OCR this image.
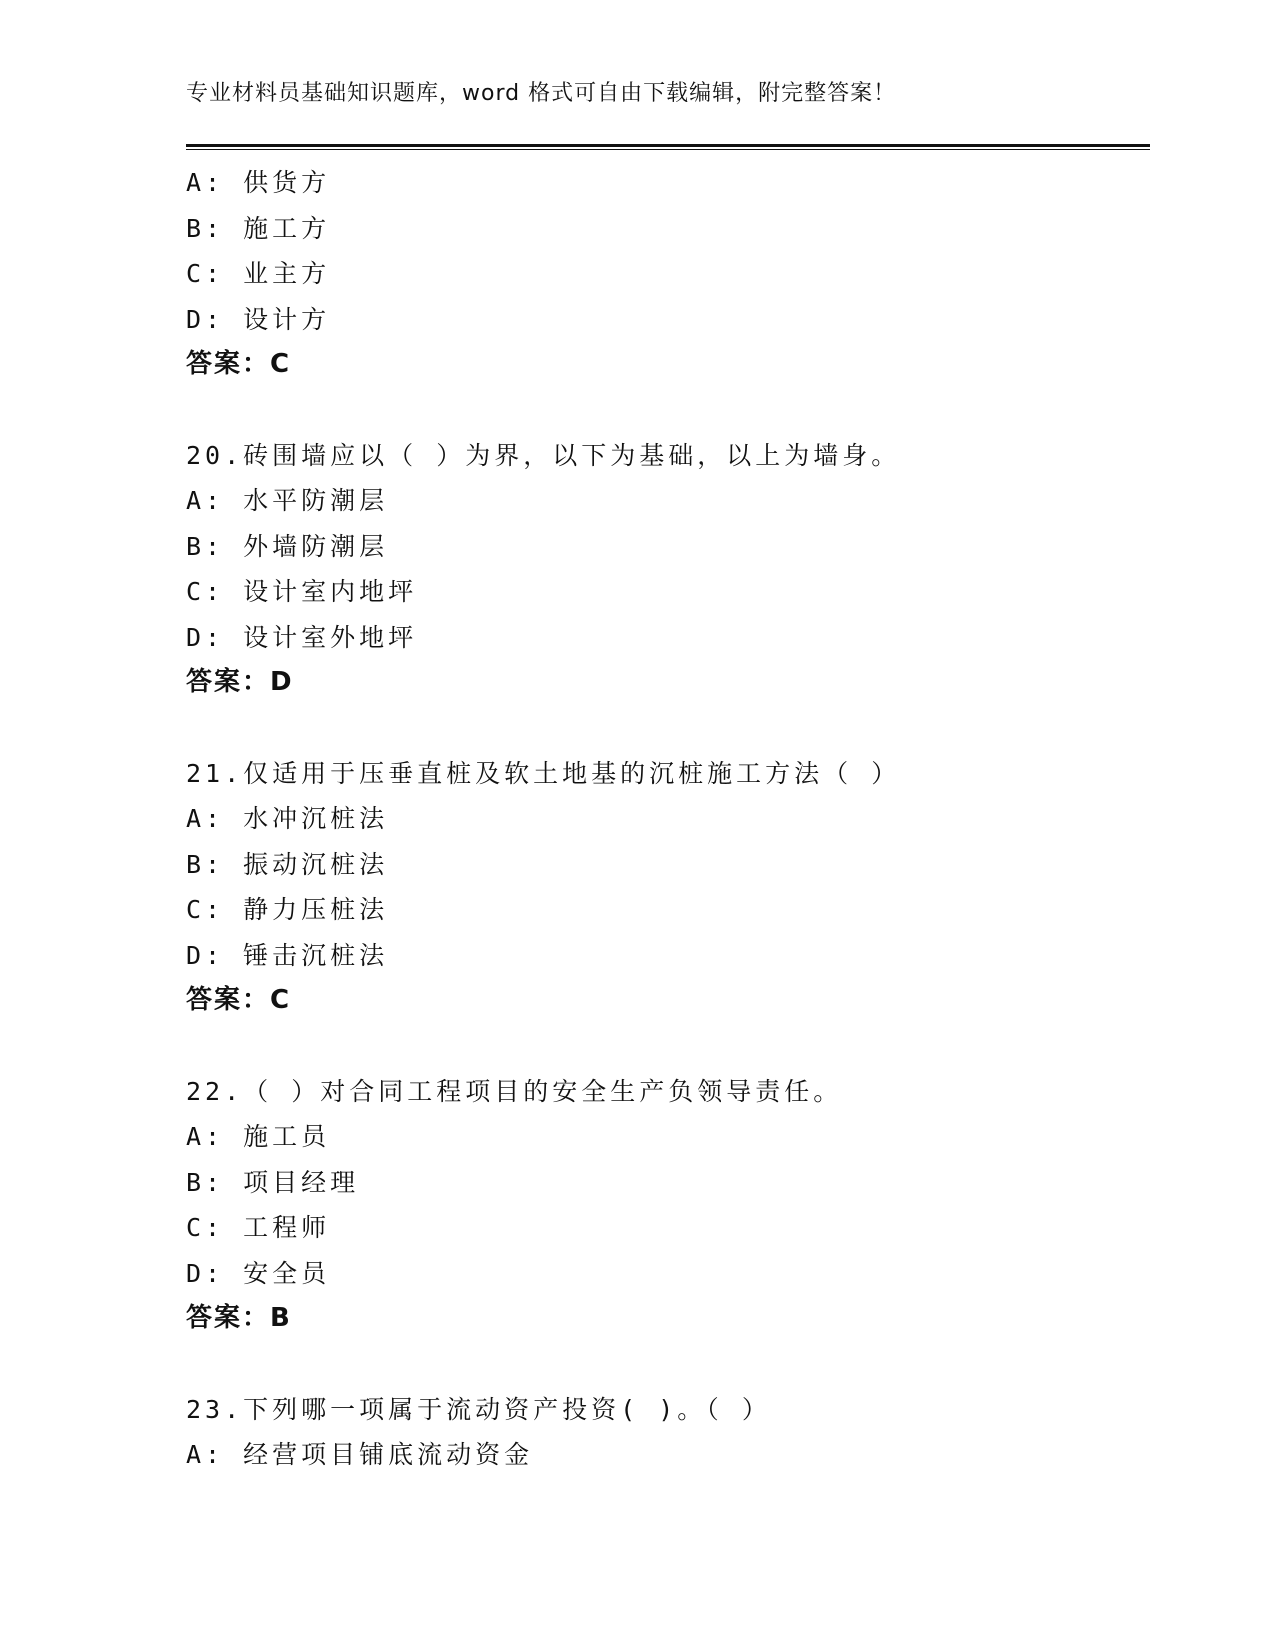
专业材料员基础知识题库，word 格式可自由下载编辑，附完整答案！
A: 供货方
B: 施工方
C: 业主方
D: 设计方
答案：C
20.砖围墙应以（ ）为界，以下为基础，以上为墙身。
A: 水平防潮层
B: 外墙防潮层
C: 设计室内地坪
D: 设计室外地坪
答案：D
21.仅适用于压垂直桩及软土地基的沉桩施工方法（ ）
A: 水冲沉桩法
B: 振动沉桩法
C: 静力压桩法
D: 锤击沉桩法
答案：C
22.（ ）对合同工程项目的安全生产负领导责任。
A: 施工员
B: 项目经理
C: 工程师
D: 安全员
答案：B
23.下列哪一项属于流动资产投资( )。（ ）
A: 经营项目铺底流动资金
